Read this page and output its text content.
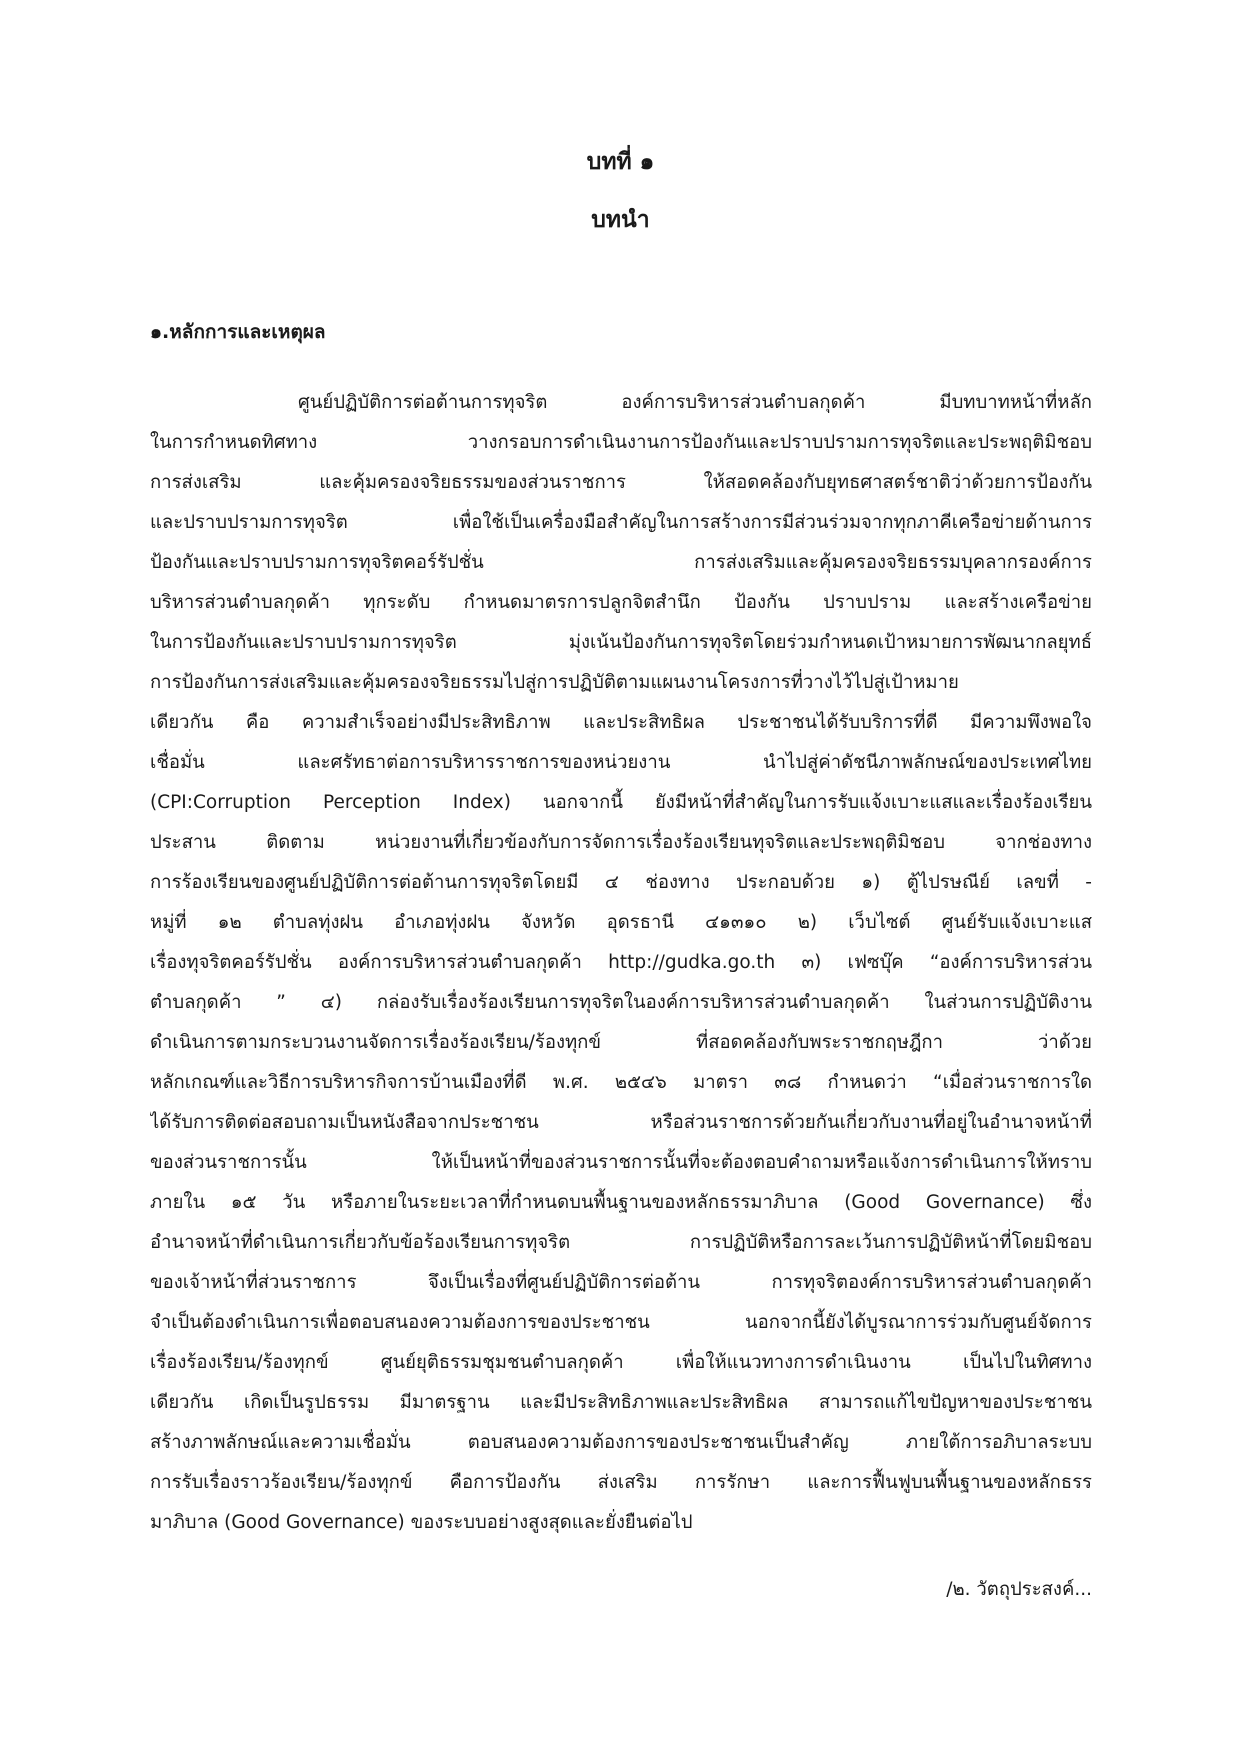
บทที่ ๑
บทนำ
๑.หลักการและเหตุผล
ศูนย์ปฏิบัติการต่อต้านการทุจริต องค์การบริหารส่วนตำบลกุดค้า มีบทบาทหน้าที่หลัก
ในการกำหนดทิศทาง วางกรอบการดำเนินงานการป้องกันและปราบปรามการทุจริตและประพฤติมิชอบ
การส่งเสริม และคุ้มครองจริยธรรมของส่วนราชการ ให้สอดคล้องกับยุทธศาสตร์ชาติว่าด้วยการป้องกัน
และปราบปรามการทุจริต เพื่อใช้เป็นเครื่องมือสำคัญในการสร้างการมีส่วนร่วมจากทุกภาคีเครือข่ายด้านการ
ป้องกันและปราบปรามการทุจริตคอร์รัปชั่น การส่งเสริมและคุ้มครองจริยธรรมบุคลากรองค์การ
บริหารส่วนตำบลกุดค้า ทุกระดับ กำหนดมาตรการปลูกจิตสำนึก ป้องกัน ปราบปราม และสร้างเครือข่าย
ในการป้องกันและปราบปรามการทุจริต มุ่งเน้นป้องกันการทุจริตโดยร่วมกำหนดเป้าหมายการพัฒนากลยุทธ์
การป้องกันการส่งเสริมและคุ้มครองจริยธรรมไปสู่การปฏิบัติตามแผนงานโครงการที่วางไว้ไปสู่เป้าหมาย
เดียวกัน คือ ความสำเร็จอย่างมีประสิทธิภาพ และประสิทธิผล ประชาชนได้รับบริการที่ดี มีความพึงพอใจ
เชื่อมั่น และศรัทธาต่อการบริหารราชการของหน่วยงาน นำไปสู่ค่าดัชนีภาพลักษณ์ของประเทศไทย
(CPI:Corruption Perception Index) นอกจากนี้ ยังมีหน้าที่สำคัญในการรับแจ้งเบาะแสและเรื่องร้องเรียน
ประสาน ติดตาม หน่วยงานที่เกี่ยวข้องกับการจัดการเรื่องร้องเรียนทุจริตและประพฤติมิชอบ จากช่องทาง
การร้องเรียนของศูนย์ปฏิบัติการต่อต้านการทุจริตโดยมี ๔ ช่องทาง ประกอบด้วย ๑) ตู้ไปรษณีย์ เลขที่ -
หมู่ที่ ๑๒ ตำบลทุ่งฝน อำเภอทุ่งฝน จังหวัด อุดรธานี ๔๑๓๑๐ ๒) เว็บไซต์ ศูนย์รับแจ้งเบาะแส
เรื่องทุจริตคอร์รัปชั่น องค์การบริหารส่วนตำบลกุดค้า http://gudka.go.th ๓) เฟซบุ๊ค “องค์การบริหารส่วน
ตำบลกุดค้า ” ๔) กล่องรับเรื่องร้องเรียนการทุจริตในองค์การบริหารส่วนตำบลกุดค้า ในส่วนการปฏิบัติงาน
ดำเนินการตามกระบวนงานจัดการเรื่องร้องเรียน/ร้องทุกข์ ที่สอดคล้องกับพระราชกฤษฎีกา ว่าด้วย
หลักเกณฑ์และวิธีการบริหารกิจการบ้านเมืองที่ดี พ.ศ. ๒๕๔๖ มาตรา ๓๘ กำหนดว่า “เมื่อส่วนราชการใด
ได้รับการติดต่อสอบถามเป็นหนังสือจากประชาชน หรือส่วนราชการด้วยกันเกี่ยวกับงานที่อยู่ในอำนาจหน้าที่
ของส่วนราชการนั้น ให้เป็นหน้าที่ของส่วนราชการนั้นที่จะต้องตอบคำถามหรือแจ้งการดำเนินการให้ทราบ
ภายใน ๑๕ วัน หรือภายในระยะเวลาที่กำหนดบนพื้นฐานของหลักธรรมาภิบาล (Good Governance) ซึ่ง
อำนาจหน้าที่ดำเนินการเกี่ยวกับข้อร้องเรียนการทุจริต การปฏิบัติหรือการละเว้นการปฏิบัติหน้าที่โดยมิชอบ
ของเจ้าหน้าที่ส่วนราชการ จึงเป็นเรื่องที่ศูนย์ปฏิบัติการต่อต้าน การทุจริตองค์การบริหารส่วนตำบลกุดค้า
จำเป็นต้องดำเนินการเพื่อตอบสนองความต้องการของประชาชน นอกจากนี้ยังได้บูรณาการร่วมกับศูนย์จัดการ
เรื่องร้องเรียน/ร้องทุกข์ ศูนย์ยุติธรรมชุมชนตำบลกุดค้า เพื่อให้แนวทางการดำเนินงาน เป็นไปในทิศทาง
เดียวกัน เกิดเป็นรูปธรรม มีมาตรฐาน และมีประสิทธิภาพและประสิทธิผล สามารถแก้ไขปัญหาของประชาชน
สร้างภาพลักษณ์และความเชื่อมั่น ตอบสนองความต้องการของประชาชนเป็นสำคัญ ภายใต้การอภิบาลระบบ
การรับเรื่องราวร้องเรียน/ร้องทุกข์ คือการป้องกัน ส่งเสริม การรักษา และการฟื้นฟูบนพื้นฐานของหลักธรร
มาภิบาล (Good Governance) ของระบบอย่างสูงสุดและยั่งยืนต่อไป
/๒. วัตถุประสงค์...
